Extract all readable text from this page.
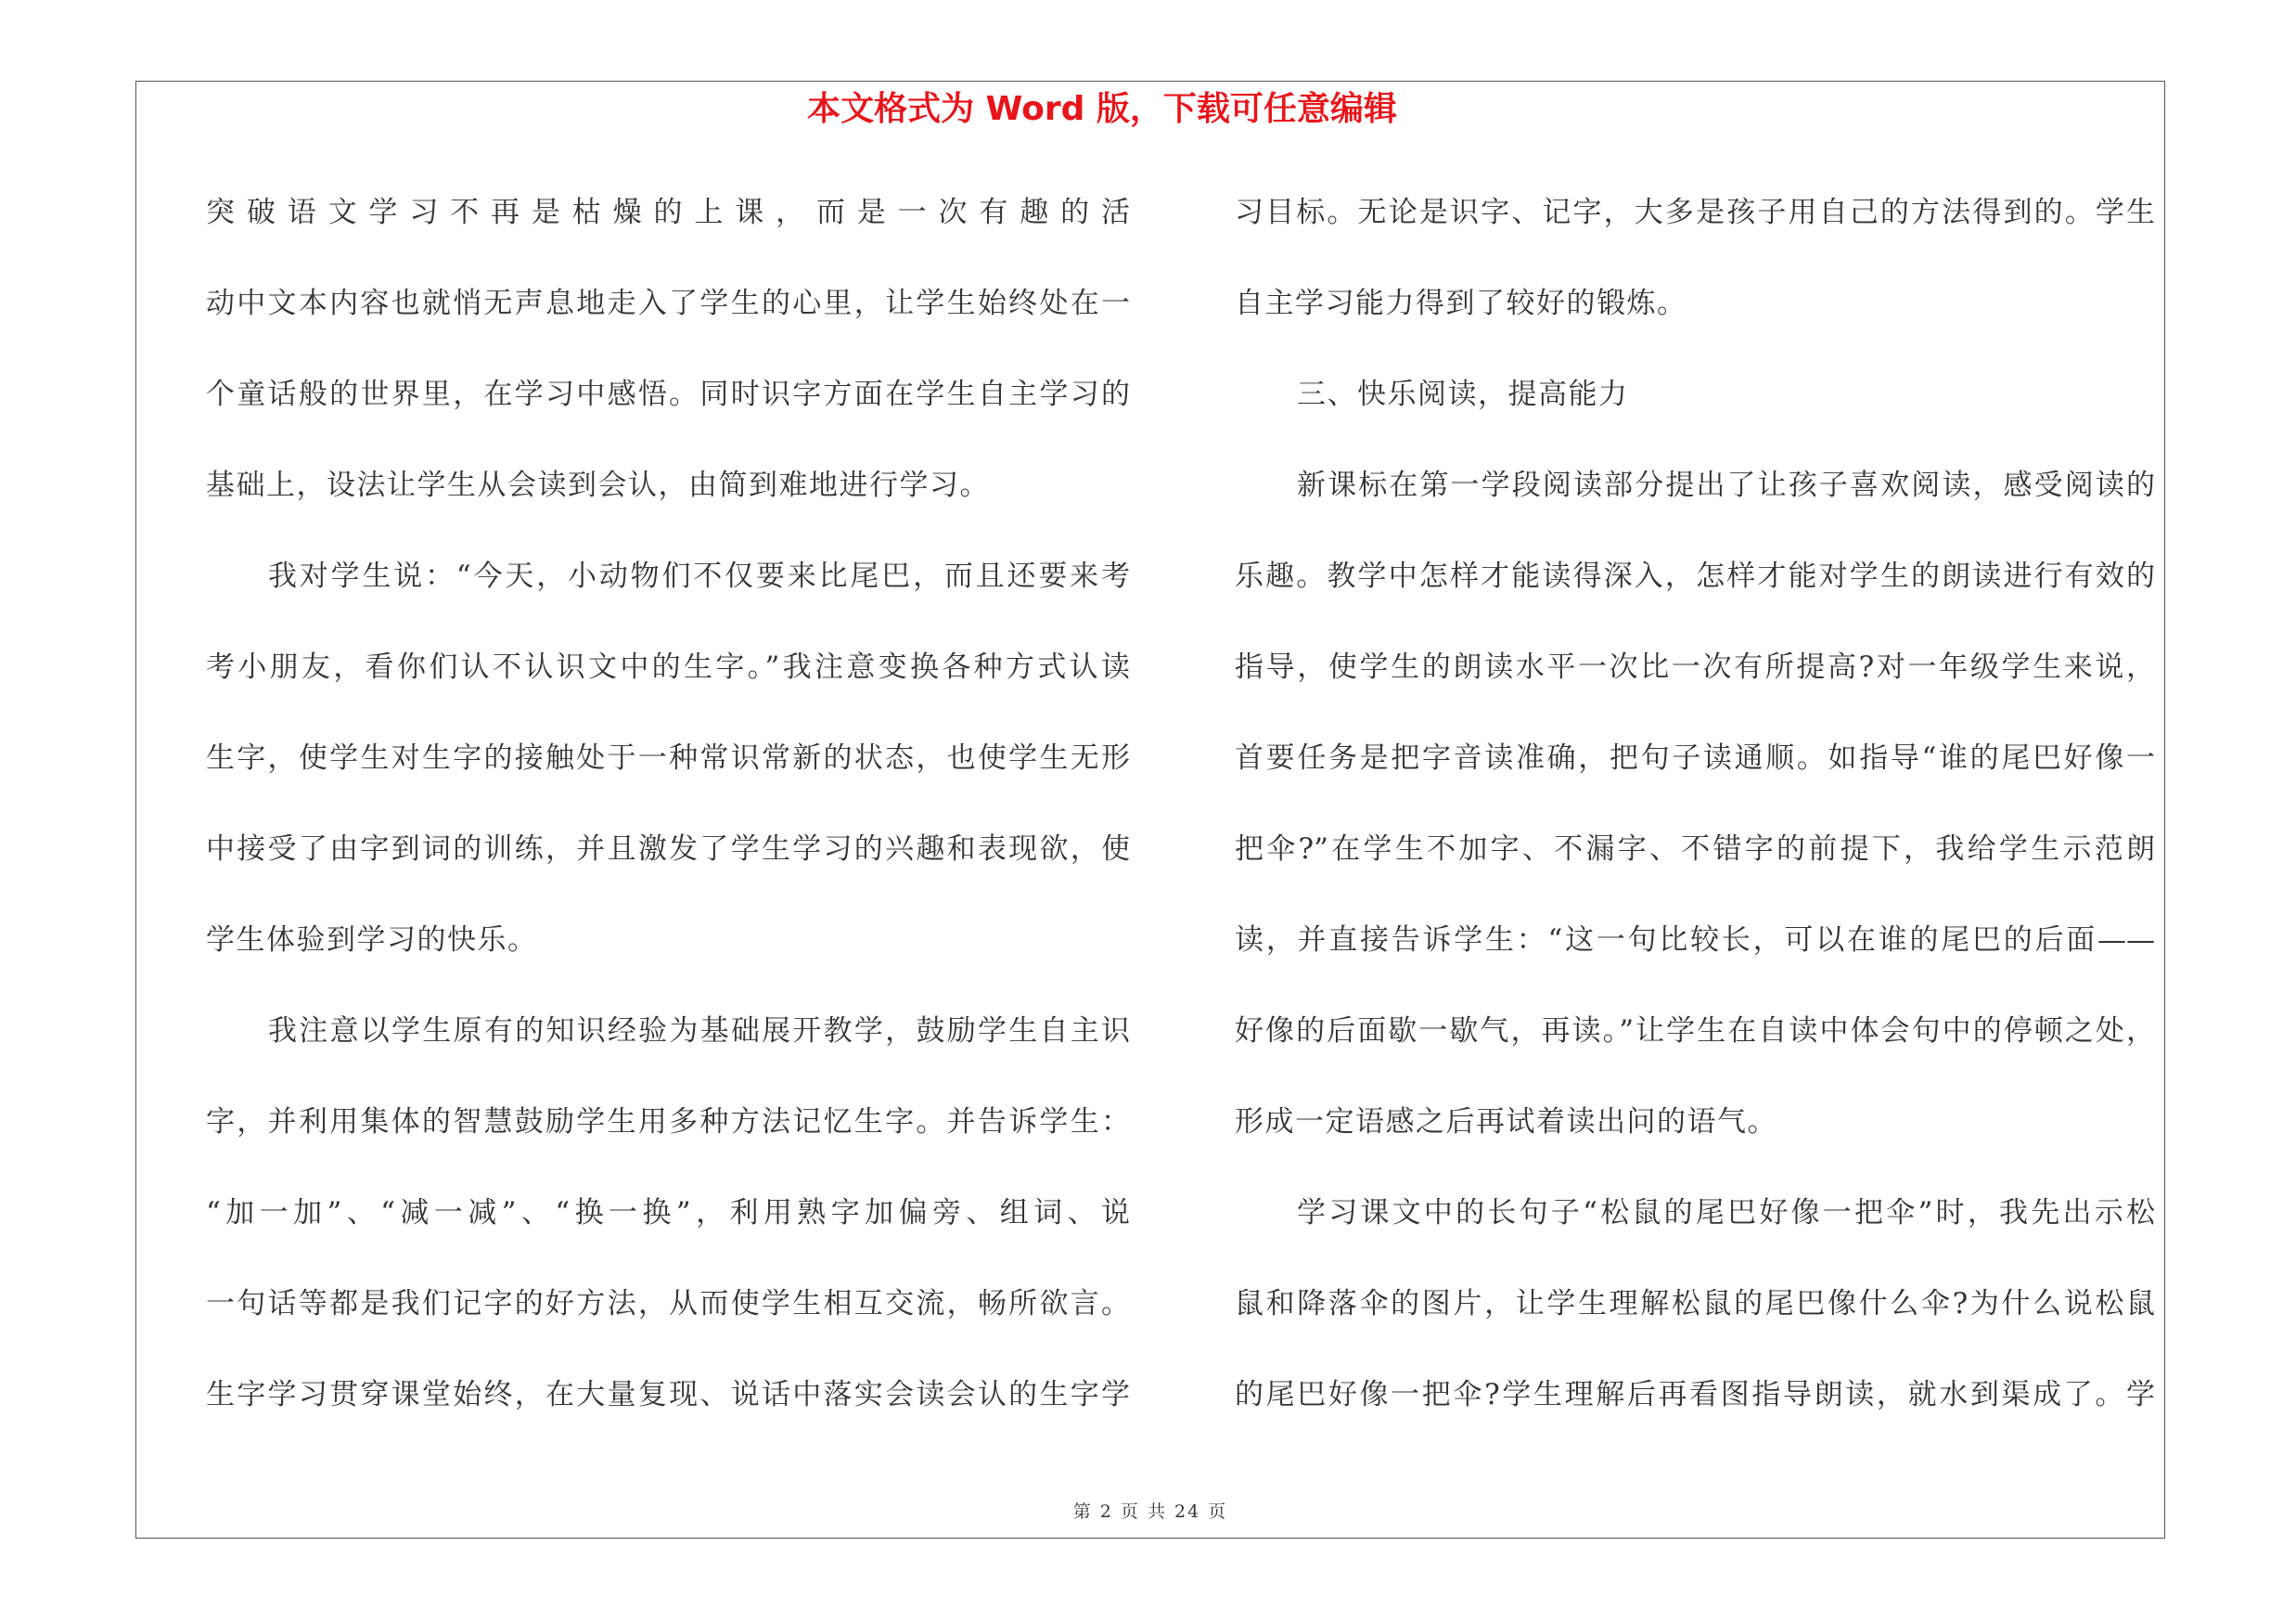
本文格式为 Word 版，下载可任意编辑
突破语文学习不再是枯燥的上课，而是一次有趣的活
动中文本内容也就悄无声息地走入了学生的心里，让学生始终处在一
个童话般的世界里，在学习中感悟。同时识字方面在学生自主学习的
基础上，设法让学生从会读到会认，由简到难地进行学习。
我对学生说：“今天，小动物们不仅要来比尾巴，而且还要来考
考小朋友，看你们认不认识文中的生字。”我注意变换各种方式认读
生字，使学生对生字的接触处于一种常识常新的状态，也使学生无形
中接受了由字到词的训练，并且激发了学生学习的兴趣和表现欲，使
学生体验到学习的快乐。
我注意以学生原有的知识经验为基础展开教学，鼓励学生自主识
字，并利用集体的智慧鼓励学生用多种方法记忆生字。并告诉学生：
“加一加”、“减一减”、“换一换”，利用熟字加偏旁、组词、说
一句话等都是我们记字的好方法，从而使学生相互交流，畅所欲言。
生字学习贯穿课堂始终，在大量复现、说话中落实会读会认的生字学
习目标。无论是识字、记字，大多是孩子用自己的方法得到的。学生
自主学习能力得到了较好的锻炼。
三、快乐阅读，提高能力
新课标在第一学段阅读部分提出了让孩子喜欢阅读，感受阅读的
乐趣。教学中怎样才能读得深入，怎样才能对学生的朗读进行有效的
指导，使学生的朗读水平一次比一次有所提高?对一年级学生来说，
首要任务是把字音读准确，把句子读通顺。如指导“谁的尾巴好像一
把伞?”在学生不加字、不漏字、不错字的前提下，我给学生示范朗
读，并直接告诉学生：“这一句比较长，可以在谁的尾巴的后面——
好像的后面歇一歇气，再读。”让学生在自读中体会句中的停顿之处，
形成一定语感之后再试着读出问的语气。
学习课文中的长句子“松鼠的尾巴好像一把伞”时，我先出示松
鼠和降落伞的图片，让学生理解松鼠的尾巴像什么伞?为什么说松鼠
的尾巴好像一把伞?学生理解后再看图指导朗读，就水到渠成了。学
第 2 页 共 24 页
